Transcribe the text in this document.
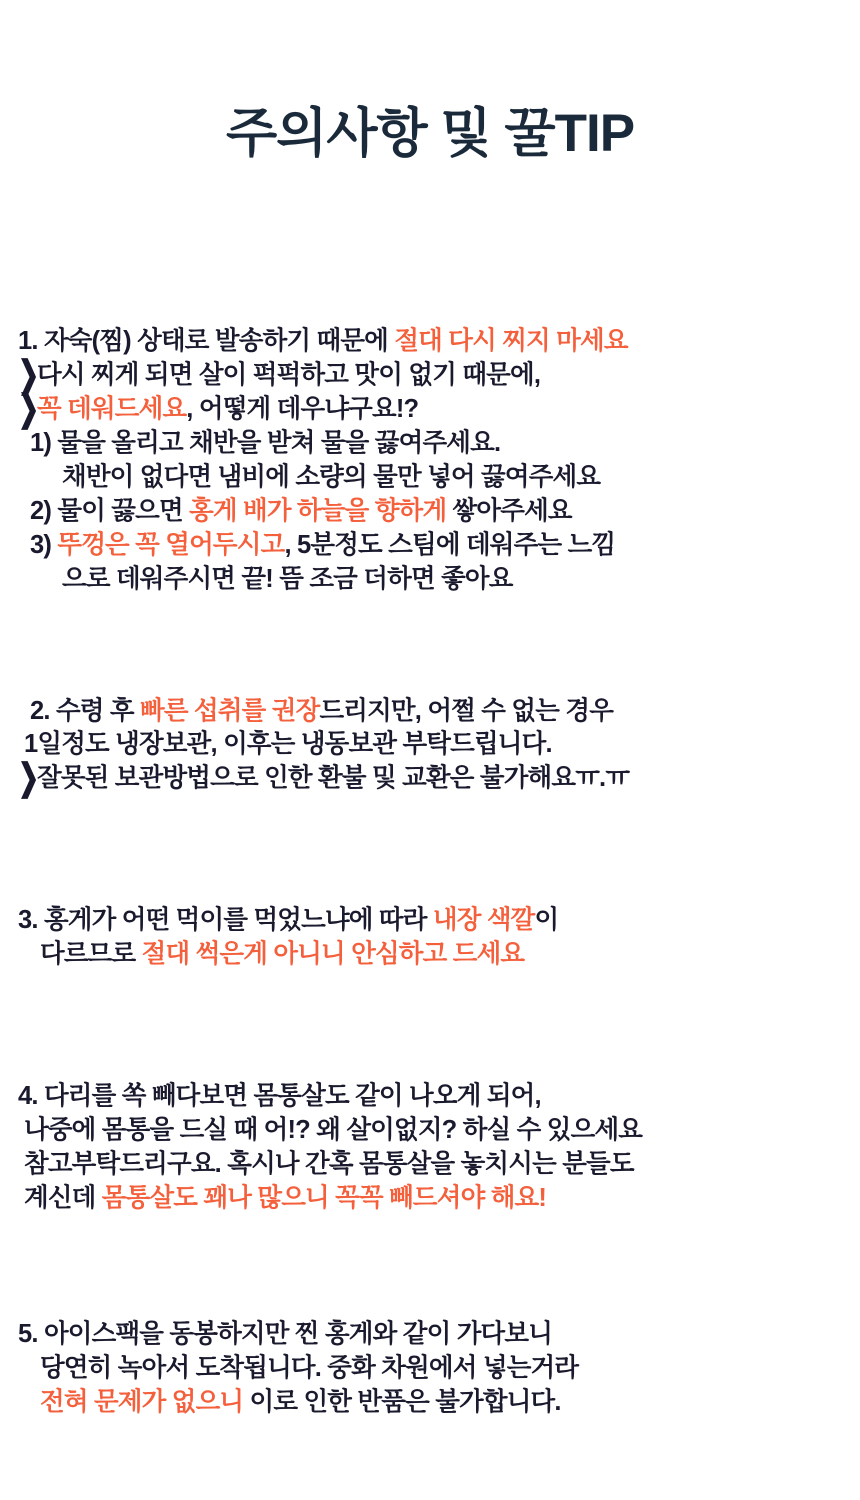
주의사항 및 꿀TIP
1. 자숙(찜) 상태로 발송하기 때문에 절대 다시 찌지 마세요
❯다시 찌게 되면 살이 퍽퍽하고 맛이 없기 때문에,
❯꼭 데워드세요, 어떻게 데우냐구요!?
1) 물을 올리고 채반을 받쳐 물을 끓여주세요.
채반이 없다면 냄비에 소량의 물만 넣어 끓여주세요
2) 물이 끓으면 홍게 배가 하늘을 향하게 쌓아주세요
3) 뚜껑은 꼭 열어두시고, 5분정도 스팀에 데워주는 느낌
으로 데워주시면 끝! 뜸 조금 더하면 좋아요
2. 수령 후 빠른 섭취를 권장드리지만, 어쩔 수 없는 경우
1일정도 냉장보관, 이후는 냉동보관 부탁드립니다.
❯잘못된 보관방법으로 인한 환불 및 교환은 불가해요ㅠ.ㅠ
3. 홍게가 어떤 먹이를 먹었느냐에 따라 내장 색깔이
다르므로 절대 썩은게 아니니 안심하고 드세요
4. 다리를 쏙 빼다보면 몸통살도 같이 나오게 되어,
나중에 몸통을 드실 때 어!? 왜 살이없지? 하실 수 있으세요
참고부탁드리구요. 혹시나 간혹 몸통살을 놓치시는 분들도
계신데 몸통살도 꽤나 많으니 꼭꼭 빼드셔야 해요!
5. 아이스팩을 동봉하지만 찐 홍게와 같이 가다보니
당연히 녹아서 도착됩니다. 중화 차원에서 넣는거라
전혀 문제가 없으니 이로 인한 반품은 불가합니다.
